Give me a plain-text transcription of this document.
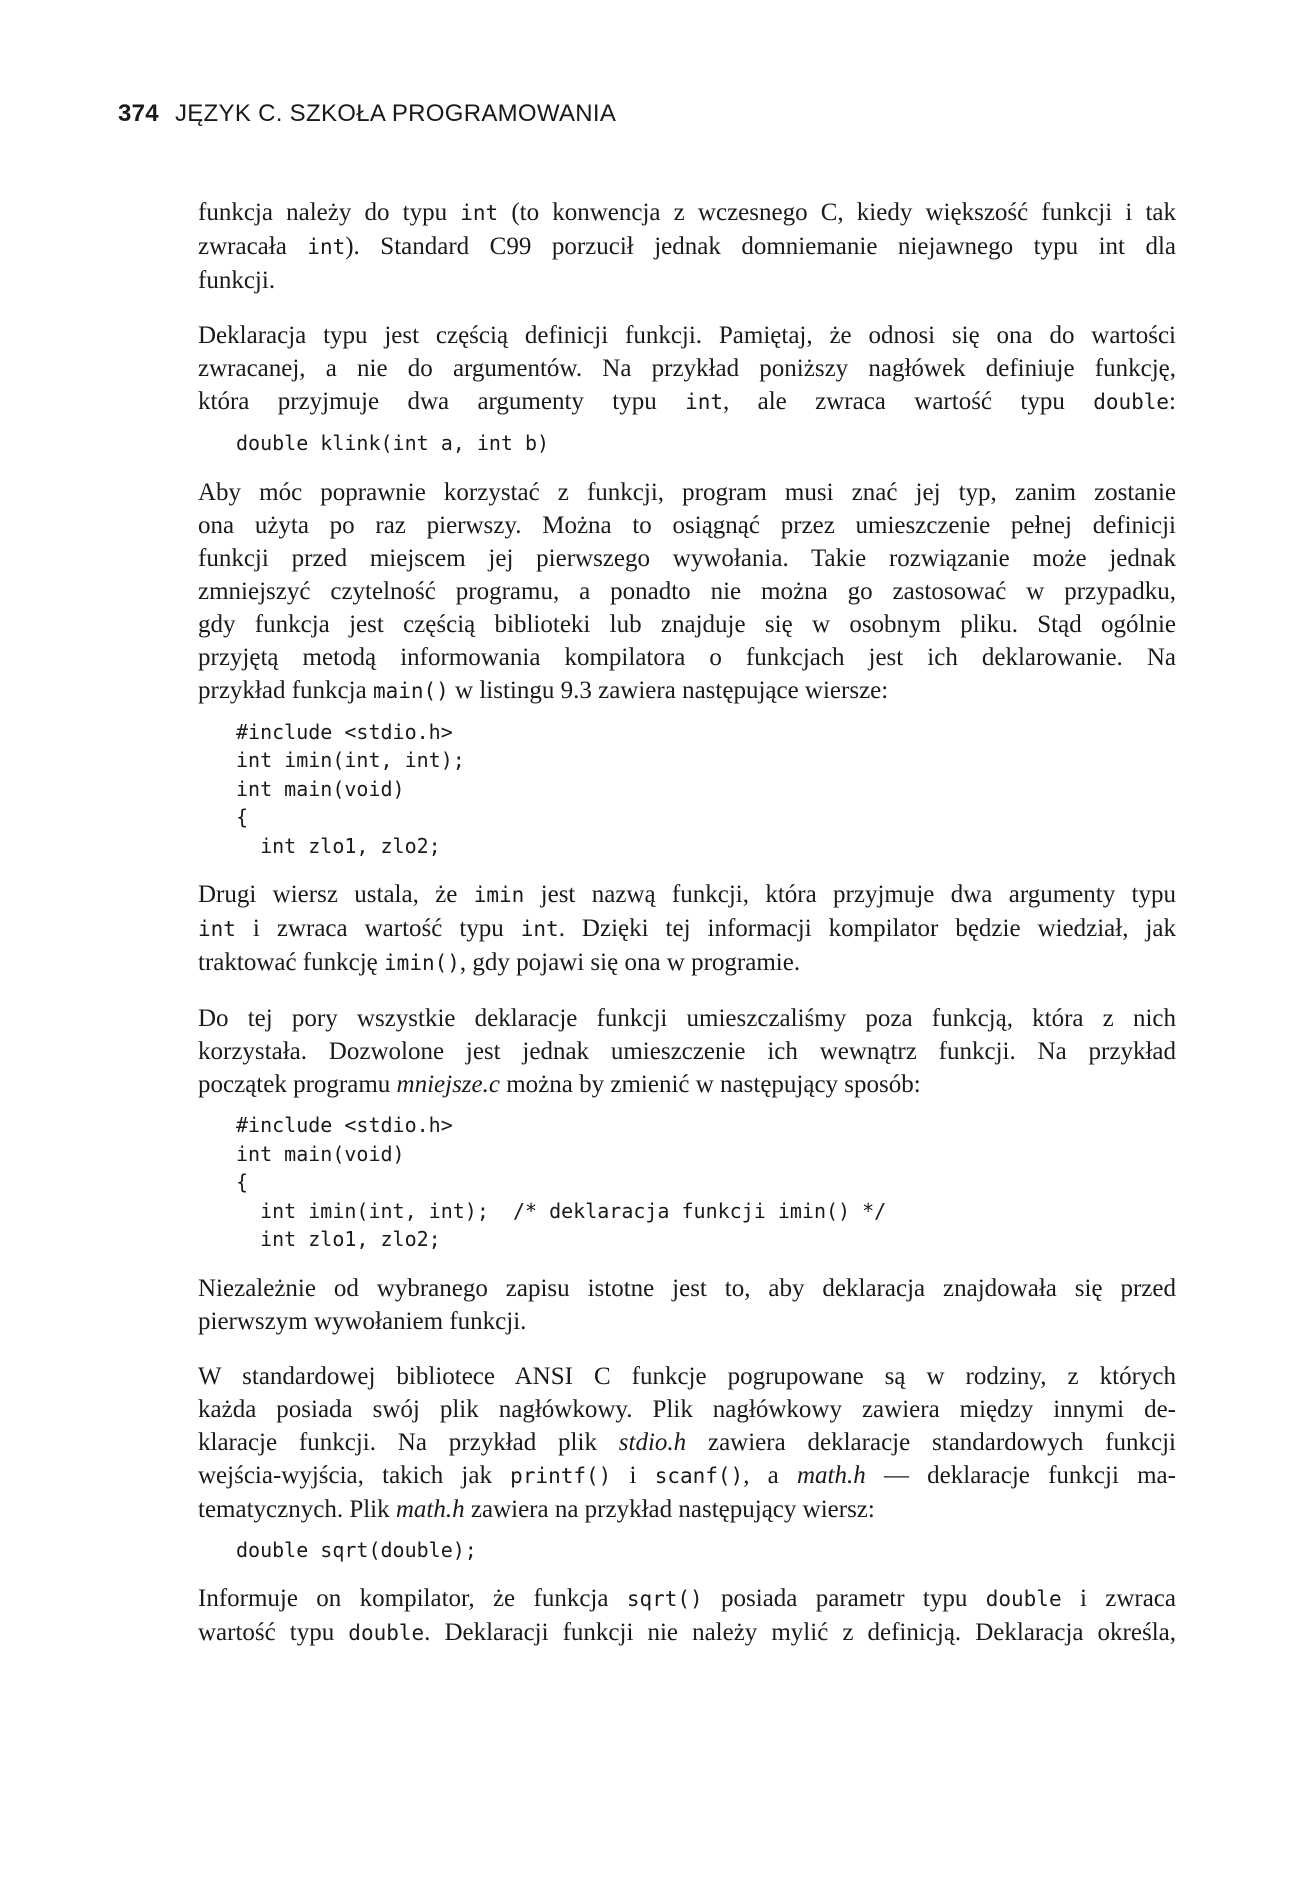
374 JĘZYK C. SZKOŁA PROGRAMOWANIA

funkcja należy do typu int (to konwencja z wczesnego C, kiedy większość funkcji i tak
zwracała int). Standard C99 porzucił jednak domniemanie niejawnego typu int dla
funkcji.

Deklaracja typu jest częścią definicji funkcji. Pamiętaj, że odnosi się ona do wartości
zwracanej, a nie do argumentów. Na przykład poniższy nagłówek definiuje funkcję,
która przyjmuje dwa argumenty typu int, ale zwraca wartość typu double:

double klink(int a, int b)

Aby móc poprawnie korzystać z funkcji, program musi znać jej typ, zanim zostanie
ona użyta po raz pierwszy. Można to osiągnąć przez umieszczenie pełnej definicji
funkcji przed miejscem jej pierwszego wywołania. Takie rozwiązanie może jednak
zmniejszyć czytelność programu, a ponadto nie można go zastosować w przypadku,
gdy funkcja jest częścią biblioteki lub znajduje się w osobnym pliku. Stąd ogólnie
przyjętą metodą informowania kompilatora o funkcjach jest ich deklarowanie. Na
przykład funkcja main() w listingu 9.3 zawiera następujące wiersze:

#include <stdio.h>
int imin(int, int);
int main(void)
{
int zlo1, zlo2;

Drugi wiersz ustala, że imin jest nazwą funkcji, która przyjmuje dwa argumenty typu
int i zwraca wartość typu int. Dzięki tej informacji kompilator będzie wiedział, jak
traktować funkcję imin(), gdy pojawi się ona w programie.

Do tej pory wszystkie deklaracje funkcji umieszczaliśmy poza funkcją, która z nich
korzystała. Dozwolone jest jednak umieszczenie ich wewnątrz funkcji. Na przykład
początek programu mniejsze.c można by zmienić w następujący sposób:

#include <stdio.h>
int main(void)
{
int imin(int, int);  /* deklaracja funkcji imin() */
int zlo1, zlo2;

Niezależnie od wybranego zapisu istotne jest to, aby deklaracja znajdowała się przed
pierwszym wywołaniem funkcji.

W standardowej bibliotece ANSI C funkcje pogrupowane są w rodziny, z których
każda posiada swój plik nagłówkowy. Plik nagłówkowy zawiera między innymi de-
klaracje funkcji. Na przykład plik stdio.h zawiera deklaracje standardowych funkcji
wejścia-wyjścia, takich jak printf() i scanf(), a math.h — deklaracje funkcji ma-
tematycznych. Plik math.h zawiera na przykład następujący wiersz:

double sqrt(double);

Informuje on kompilator, że funkcja sqrt() posiada parametr typu double i zwraca
wartość typu double. Deklaracji funkcji nie należy mylić z definicją. Deklaracja określa,
